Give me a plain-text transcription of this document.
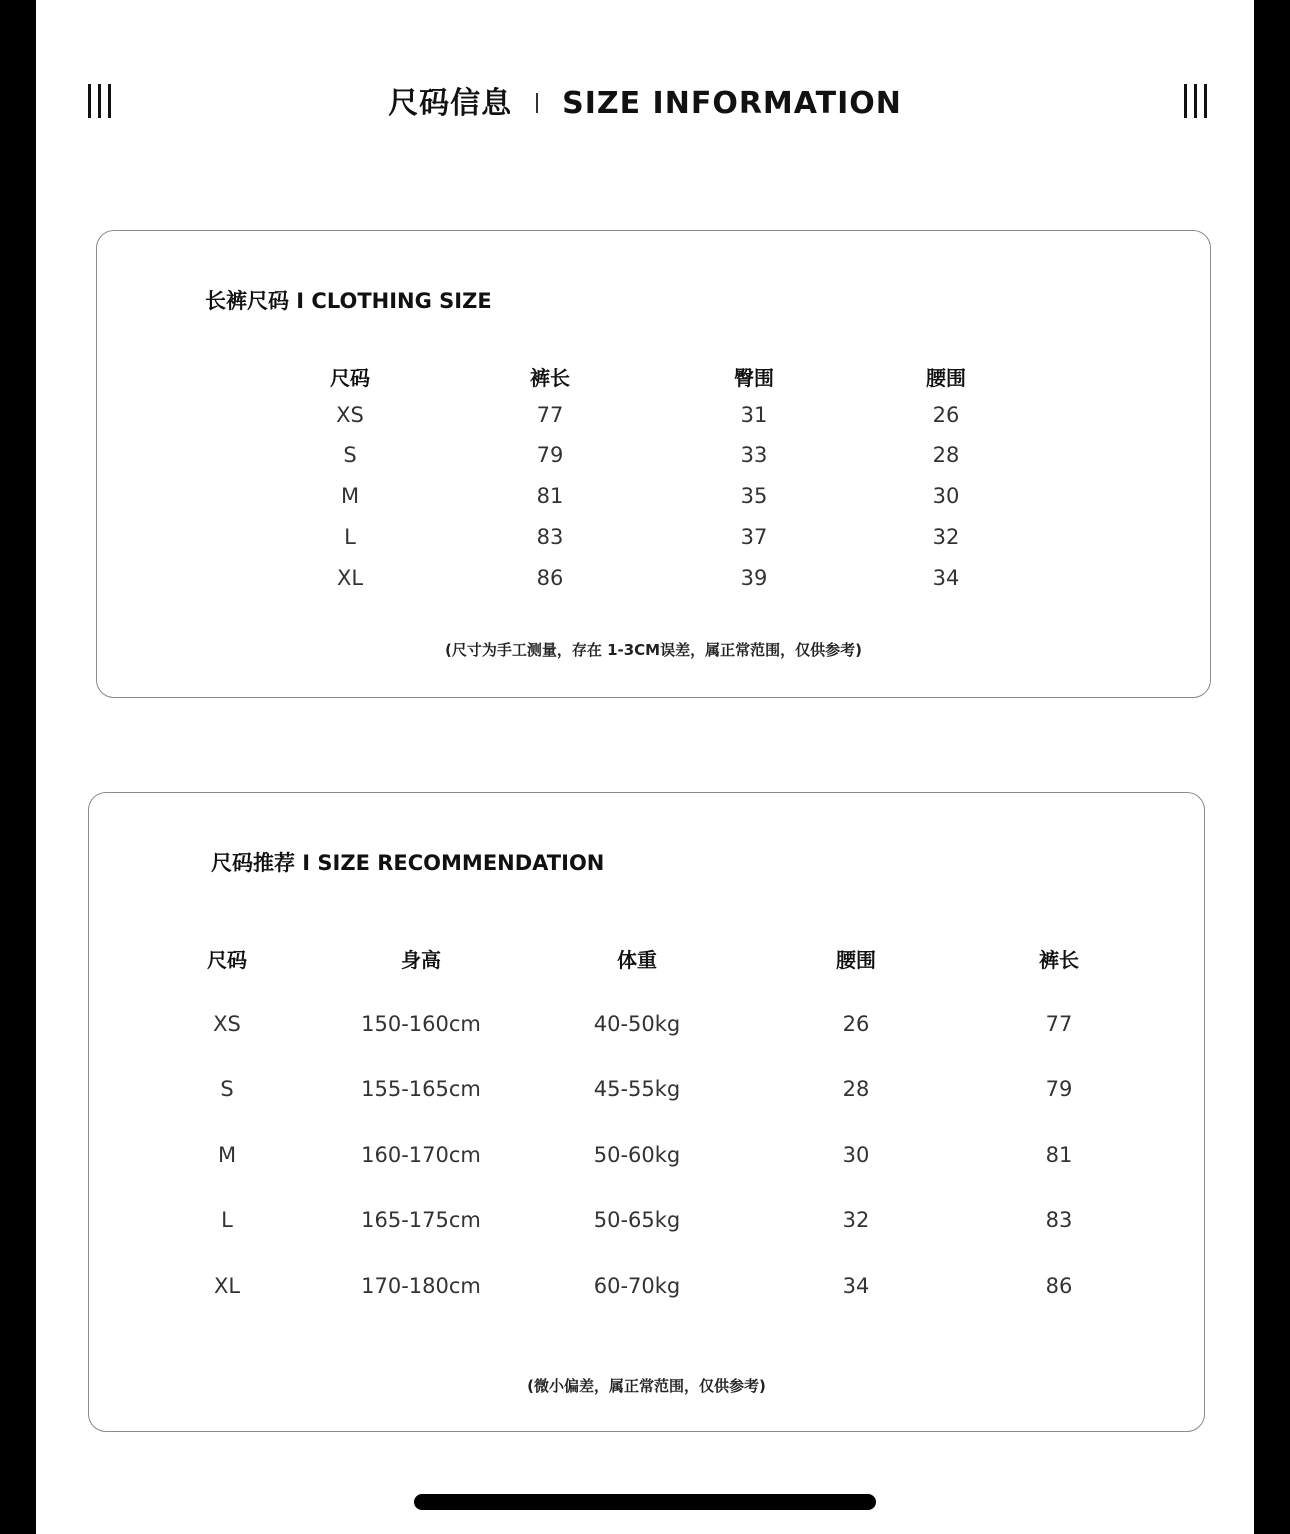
尺码信息 SIZE INFORMATION
长裤尺码 I CLOTHING SIZE
尺码	裤长	臀围	腰围
XS	77	31	26
S	79	33	28
M	81	35	30
L	83	37	32
XL	86	39	34
(尺寸为手工测量，存在 1-3CM误差，属正常范围，仅供参考)
尺码推荐 I SIZE RECOMMENDATION
尺码	身高	体重	腰围	裤长
XS	150-160cm	40-50kg	26	77
S	155-165cm	45-55kg	28	79
M	160-170cm	50-60kg	30	81
L	165-175cm	50-65kg	32	83
XL	170-180cm	60-70kg	34	86
(微小偏差，属正常范围，仅供参考)
